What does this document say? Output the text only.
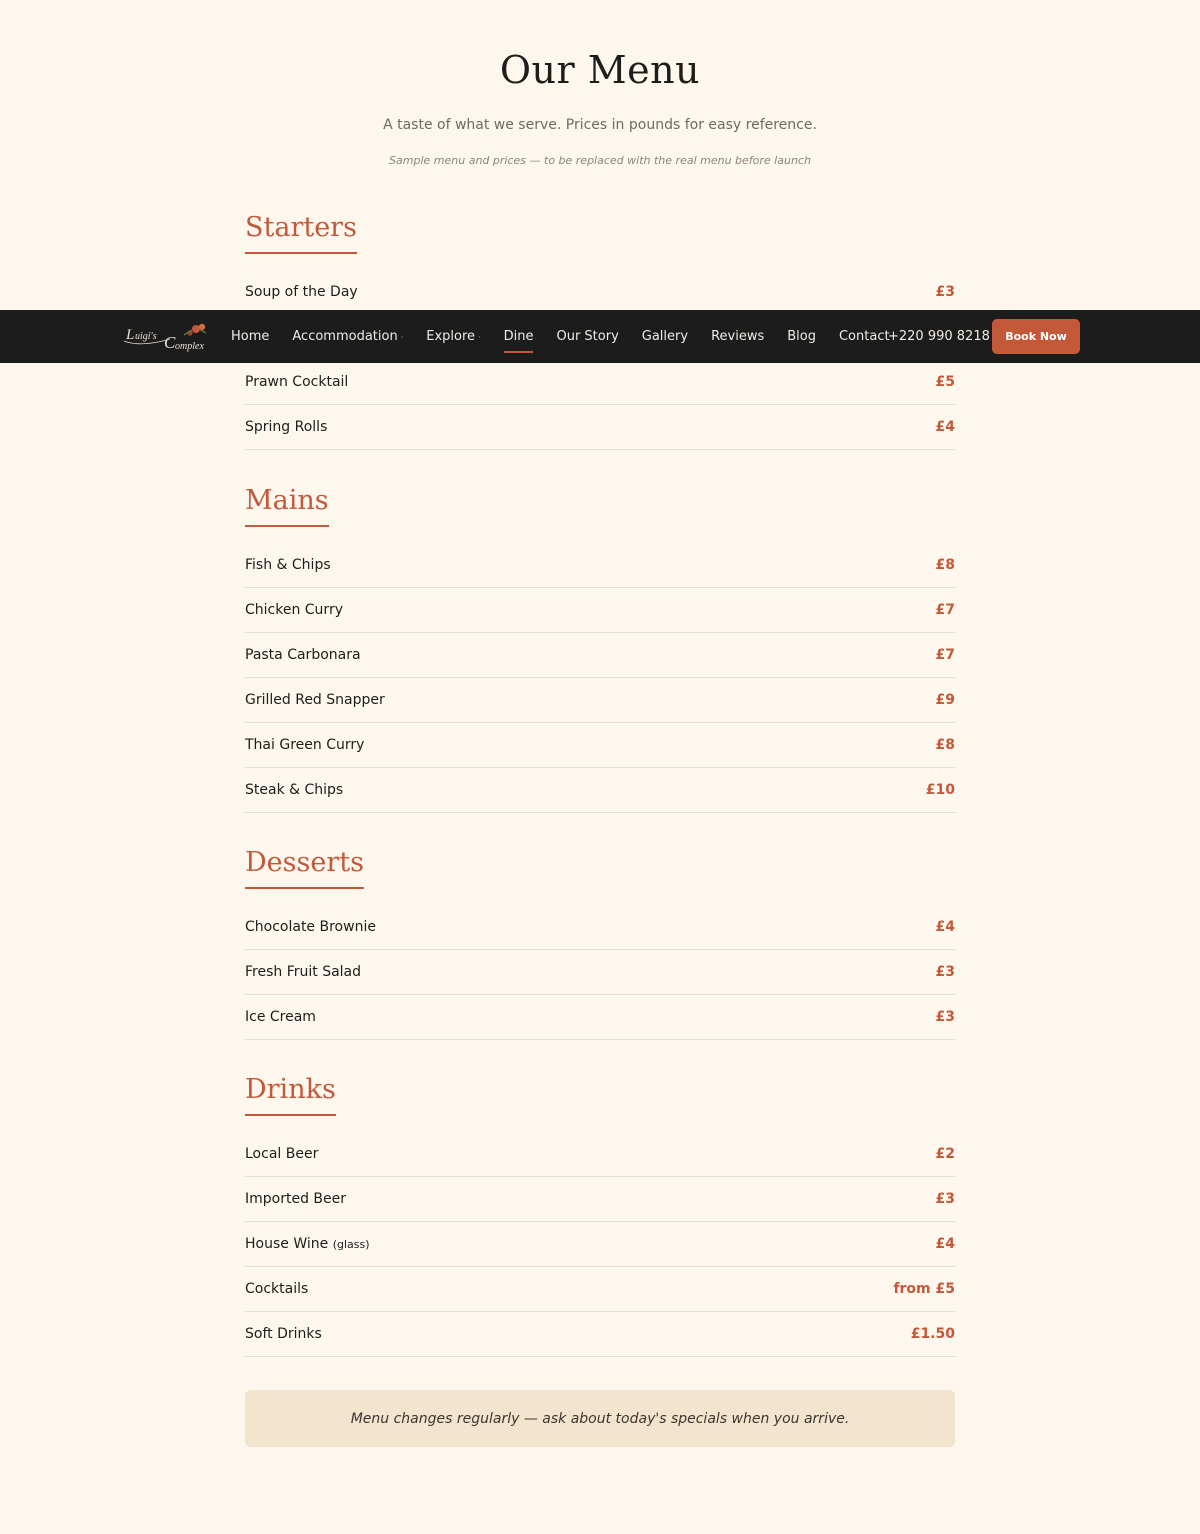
Our Menu

A taste of what we serve. Prices in pounds for easy reference.

Sample menu and prices — to be replaced with the real menu before launch

Starters
Soup of the Day	£3
Prawn Cocktail	£5
Spring Rolls	£4
Mains
Fish & Chips	£8
Chicken Curry	£7
Pasta Carbonara	£7
Grilled Red Snapper	£9
Thai Green Curry	£8
Steak & Chips	£10
Desserts
Chocolate Brownie	£4
Fresh Fruit Salad	£3
Ice Cream	£3
Drinks
Local Beer	£2
Imported Beer	£3
House Wine (glass)	£4
Cocktails	from £5
Soft Drinks	£1.50
Menu changes regularly — ask about today's specials when you arrive.
L uigi's C omplex
Home Accommodation · Explore · Dine Our Story Gallery Reviews Blog Contact
+220 990 8218	Book Now
